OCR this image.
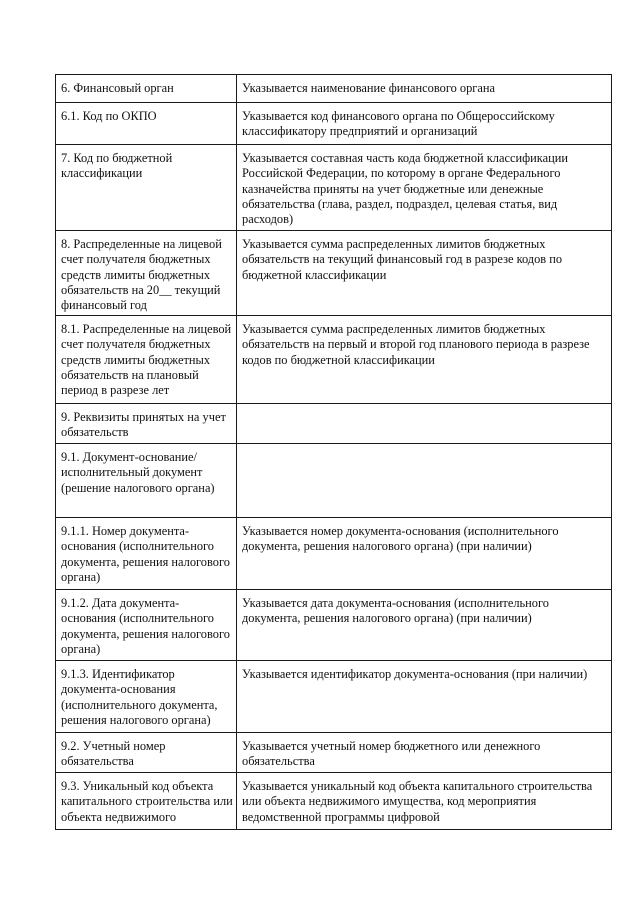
6. Финансовый орган	Указывается наименование финансового органа
6.1. Код по ОКПО	Указывается код финансового органа по Общероссийскому классификатору предприятий и организаций
7. Код по бюджетной классификации	Указывается составная часть кода бюджетной классификации Российской Федерации, по которому в органе Федерального казначейства приняты на учет бюджетные или денежные обязательства (глава, раздел, подраздел, целевая статья, вид расходов)
8. Распределенные на лицевой счет получателя бюджетных средств лимиты бюджетных обязательств на 20__ текущий финансовый год	Указывается сумма распределенных лимитов бюджетных обязательств на текущий финансовый год в разрезе кодов по бюджетной классификации
8.1. Распределенные на лицевой счет получателя бюджетных средств лимиты бюджетных обязательств на плановый период в разрезе лет	Указывается сумма распределенных лимитов бюджетных обязательств на первый и второй год планового периода в разрезе кодов по бюджетной классификации
9. Реквизиты принятых на учет обязательств	
9.1. Документ-основание/исполнительный документ (решение налогового органа)	
9.1.1. Номер документа-основания (исполнительного документа, решения налогового органа)	Указывается номер документа-основания (исполнительного документа, решения налогового органа) (при наличии)
9.1.2. Дата документа-основания (исполнительного документа, решения налогового органа)	Указывается дата документа-основания (исполнительного документа, решения налогового органа) (при наличии)
9.1.3. Идентификатор документа-основания (исполнительного документа, решения налогового органа)	Указывается идентификатор документа-основания (при наличии)
9.2. Учетный номер обязательства	Указывается учетный номер бюджетного или денежного обязательства
9.3. Уникальный код объекта капитального строительства или объекта недвижимого	Указывается уникальный код объекта капитального строительства или объекта недвижимого имущества, код мероприятия ведомственной программы цифровой
